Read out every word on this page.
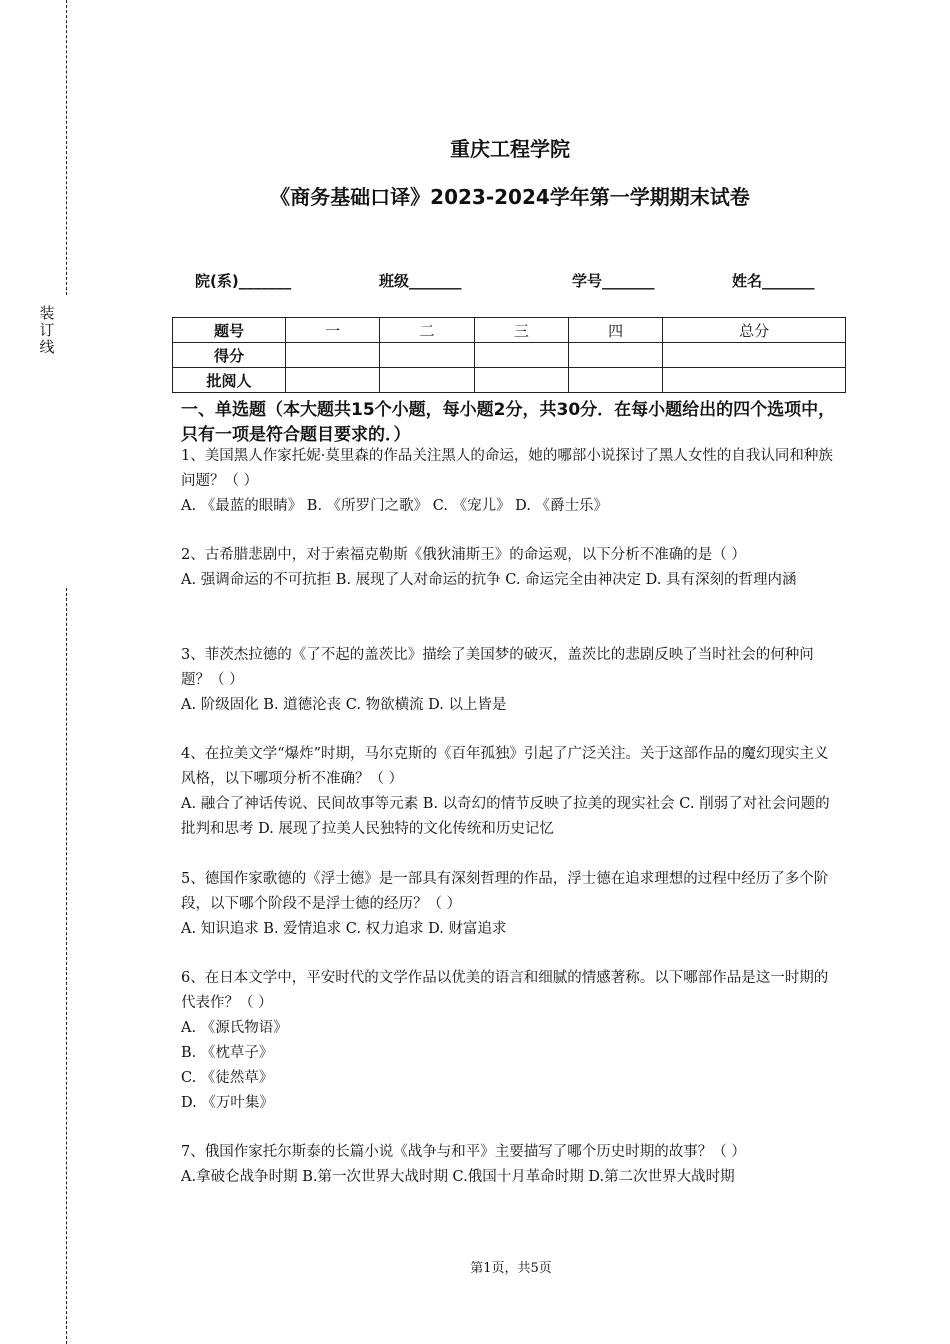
装订线
重庆工程学院
《商务基础口译》2023-2024学年第一学期期末试卷
院(系)_______	班级_______	学号_______	姓名_______
题号	一	二	三	四	总分
得分					
批阅人					
一、单选题（本大题共15个小题，每小题2分，共30分．在每小题给出的四个选项中，只有一项是符合题目要求的．）

1、美国黑人作家托妮·莫里森的作品关注黑人的命运，她的哪部小说探讨了黑人女性的自我认同和种族问题？（ ）

A. 《最蓝的眼睛》 B. 《所罗门之歌》 C. 《宠儿》 D. 《爵士乐》

2、古希腊悲剧中，对于索福克勒斯《俄狄浦斯王》的命运观，以下分析不准确的是（ ）

A. 强调命运的不可抗拒 B. 展现了人对命运的抗争 C. 命运完全由神决定 D. 具有深刻的哲理内涵

3、菲茨杰拉德的《了不起的盖茨比》描绘了美国梦的破灭，盖茨比的悲剧反映了当时社会的何种问题？（ ）

A. 阶级固化 B. 道德沦丧 C. 物欲横流 D. 以上皆是

4、在拉美文学“爆炸”时期，马尔克斯的《百年孤独》引起了广泛关注。关于这部作品的魔幻现实主义风格，以下哪项分析不准确？（ ）

A. 融合了神话传说、民间故事等元素 B. 以奇幻的情节反映了拉美的现实社会 C. 削弱了对社会问题的批判和思考 D. 展现了拉美人民独特的文化传统和历史记忆

5、德国作家歌德的《浮士德》是一部具有深刻哲理的作品，浮士德在追求理想的过程中经历了多个阶段，以下哪个阶段不是浮士德的经历？（ ）

A. 知识追求 B. 爱情追求 C. 权力追求 D. 财富追求

6、在日本文学中，平安时代的文学作品以优美的语言和细腻的情感著称。以下哪部作品是这一时期的代表作？（ ）

A. 《源氏物语》

B. 《枕草子》

C. 《徒然草》

D. 《万叶集》

7、俄国作家托尔斯泰的长篇小说《战争与和平》主要描写了哪个历史时期的故事？（ ）

A.拿破仑战争时期 B.第一次世界大战时期 C.俄国十月革命时期 D.第二次世界大战时期

第1页，共5页
